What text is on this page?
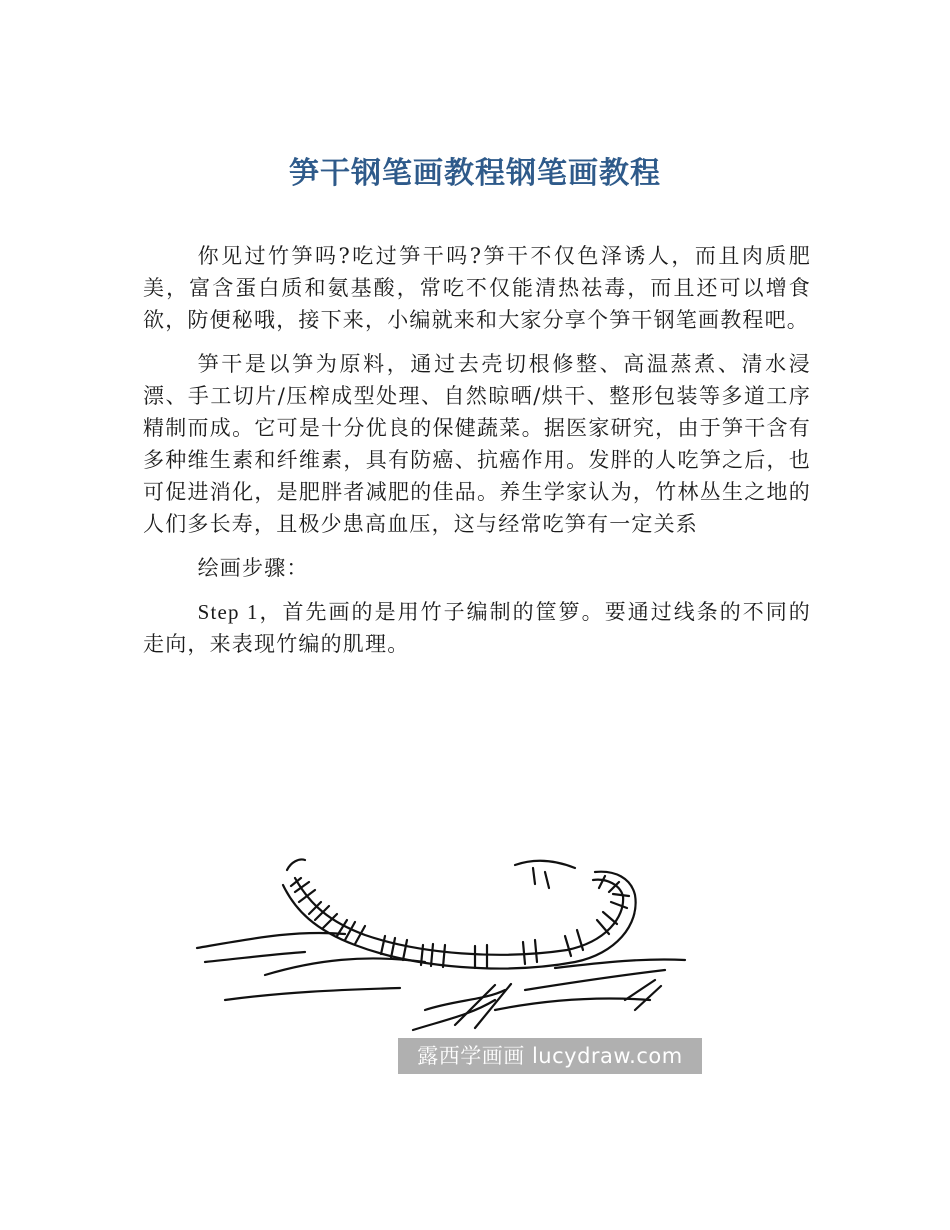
笋干钢笔画教程钢笔画教程

你见过竹笋吗?吃过笋干吗?笋干不仅色泽诱人，而且肉质肥美，富含蛋白质和氨基酸，常吃不仅能清热祛毒，而且还可以增食欲，防便秘哦，接下来，小编就来和大家分享个笋干钢笔画教程吧。

笋干是以笋为原料，通过去壳切根修整、高温蒸煮、清水浸漂、手工切片/压榨成型处理、自然晾晒/烘干、整形包装等多道工序精制而成。它可是十分优良的保健蔬菜。据医家研究，由于笋干含有多种维生素和纤维素，具有防癌、抗癌作用。发胖的人吃笋之后，也可促进消化，是肥胖者减肥的佳品。养生学家认为，竹林丛生之地的人们多长寿，且极少患高血压，这与经常吃笋有一定关系

绘画步骤：

Step 1，首先画的是用竹子编制的筐箩。要通过线条的不同的走向，来表现竹编的肌理。

露西学画画 lucydraw.com
